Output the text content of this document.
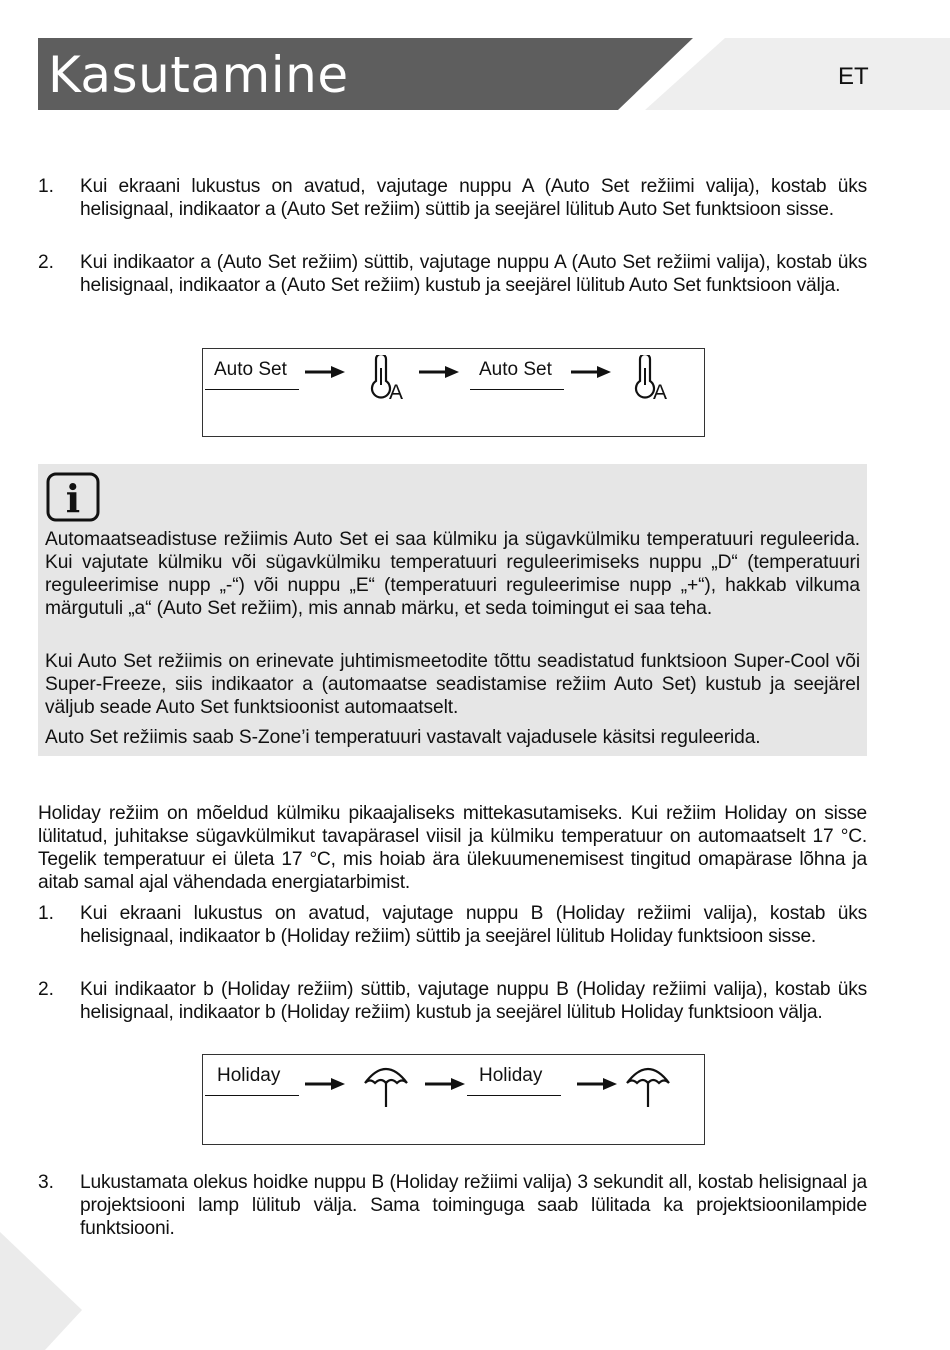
Kasutamine	ET
1. Kui ekraani lukustus on avatud, vajutage nuppu A (Auto Set režiimi valija), kostab üks helisignaal, indikaator a (Auto Set režiim) süttib ja seejärel lülitub Auto Set funktsioon sisse.
2. Kui indikaator a (Auto Set režiim) süttib, vajutage nuppu A (Auto Set režiimi valija), kostab üks helisignaal, indikaator a (Auto Set režiim) kustub ja seejärel lülitub Auto Set funktsioon välja.
Auto Set
A
Auto Set
A
i
Automaatseadistuse režiimis Auto Set ei saa külmiku ja sügavkülmiku temperatuuri reguleerida. Kui vajutate külmiku või sügavkülmiku temperatuuri reguleerimiseks nuppu „D“ (temperatuuri reguleerimise nupp „-“) või nuppu „E“ (temperatuuri reguleerimise nupp „+“), hakkab vilkuma märgutuli „a“ (Auto Set režiim), mis annab märku, et seda toimingut ei saa teha.
Kui Auto Set režiimis on erinevate juhtimismeetodite tõttu seadistatud funktsioon Super-Cool või Super-Freeze, siis indikaator a (automaatse seadistamise režiim Auto Set) kustub ja seejärel väljub seade Auto Set funktsioonist automaatselt.
Auto Set režiimis saab S-Zone’i temperatuuri vastavalt vajadusele käsitsi reguleerida.
Holiday režiim on mõeldud külmiku pikaajaliseks mittekasutamiseks. Kui režiim Holiday on sisse lülitatud, juhitakse sügavkülmikut tavapärasel viisil ja külmiku temperatuur on automaatselt 17 °C. Tegelik temperatuur ei ületa 17 °C, mis hoiab ära ülekuumenemisest tingitud omapärase lõhna ja aitab samal ajal vähendada energiatarbimist.
1. Kui ekraani lukustus on avatud, vajutage nuppu B (Holiday režiimi valija), kostab üks helisignaal, indikaator b (Holiday režiim) süttib ja seejärel lülitub Holiday funktsioon sisse.
2. Kui indikaator b (Holiday režiim) süttib, vajutage nuppu B (Holiday režiimi valija), kostab üks helisignaal, indikaator b (Holiday režiim) kustub ja seejärel lülitub Holiday funktsioon välja.
Holiday	Holiday
3. Lukustamata olekus hoidke nuppu B (Holiday režiimi valija) 3 sekundit all, kostab helisignaal ja projektsiooni lamp lülitub välja. Sama toiminguga saab lülitada ka projektsioonilampide funktsiooni.
